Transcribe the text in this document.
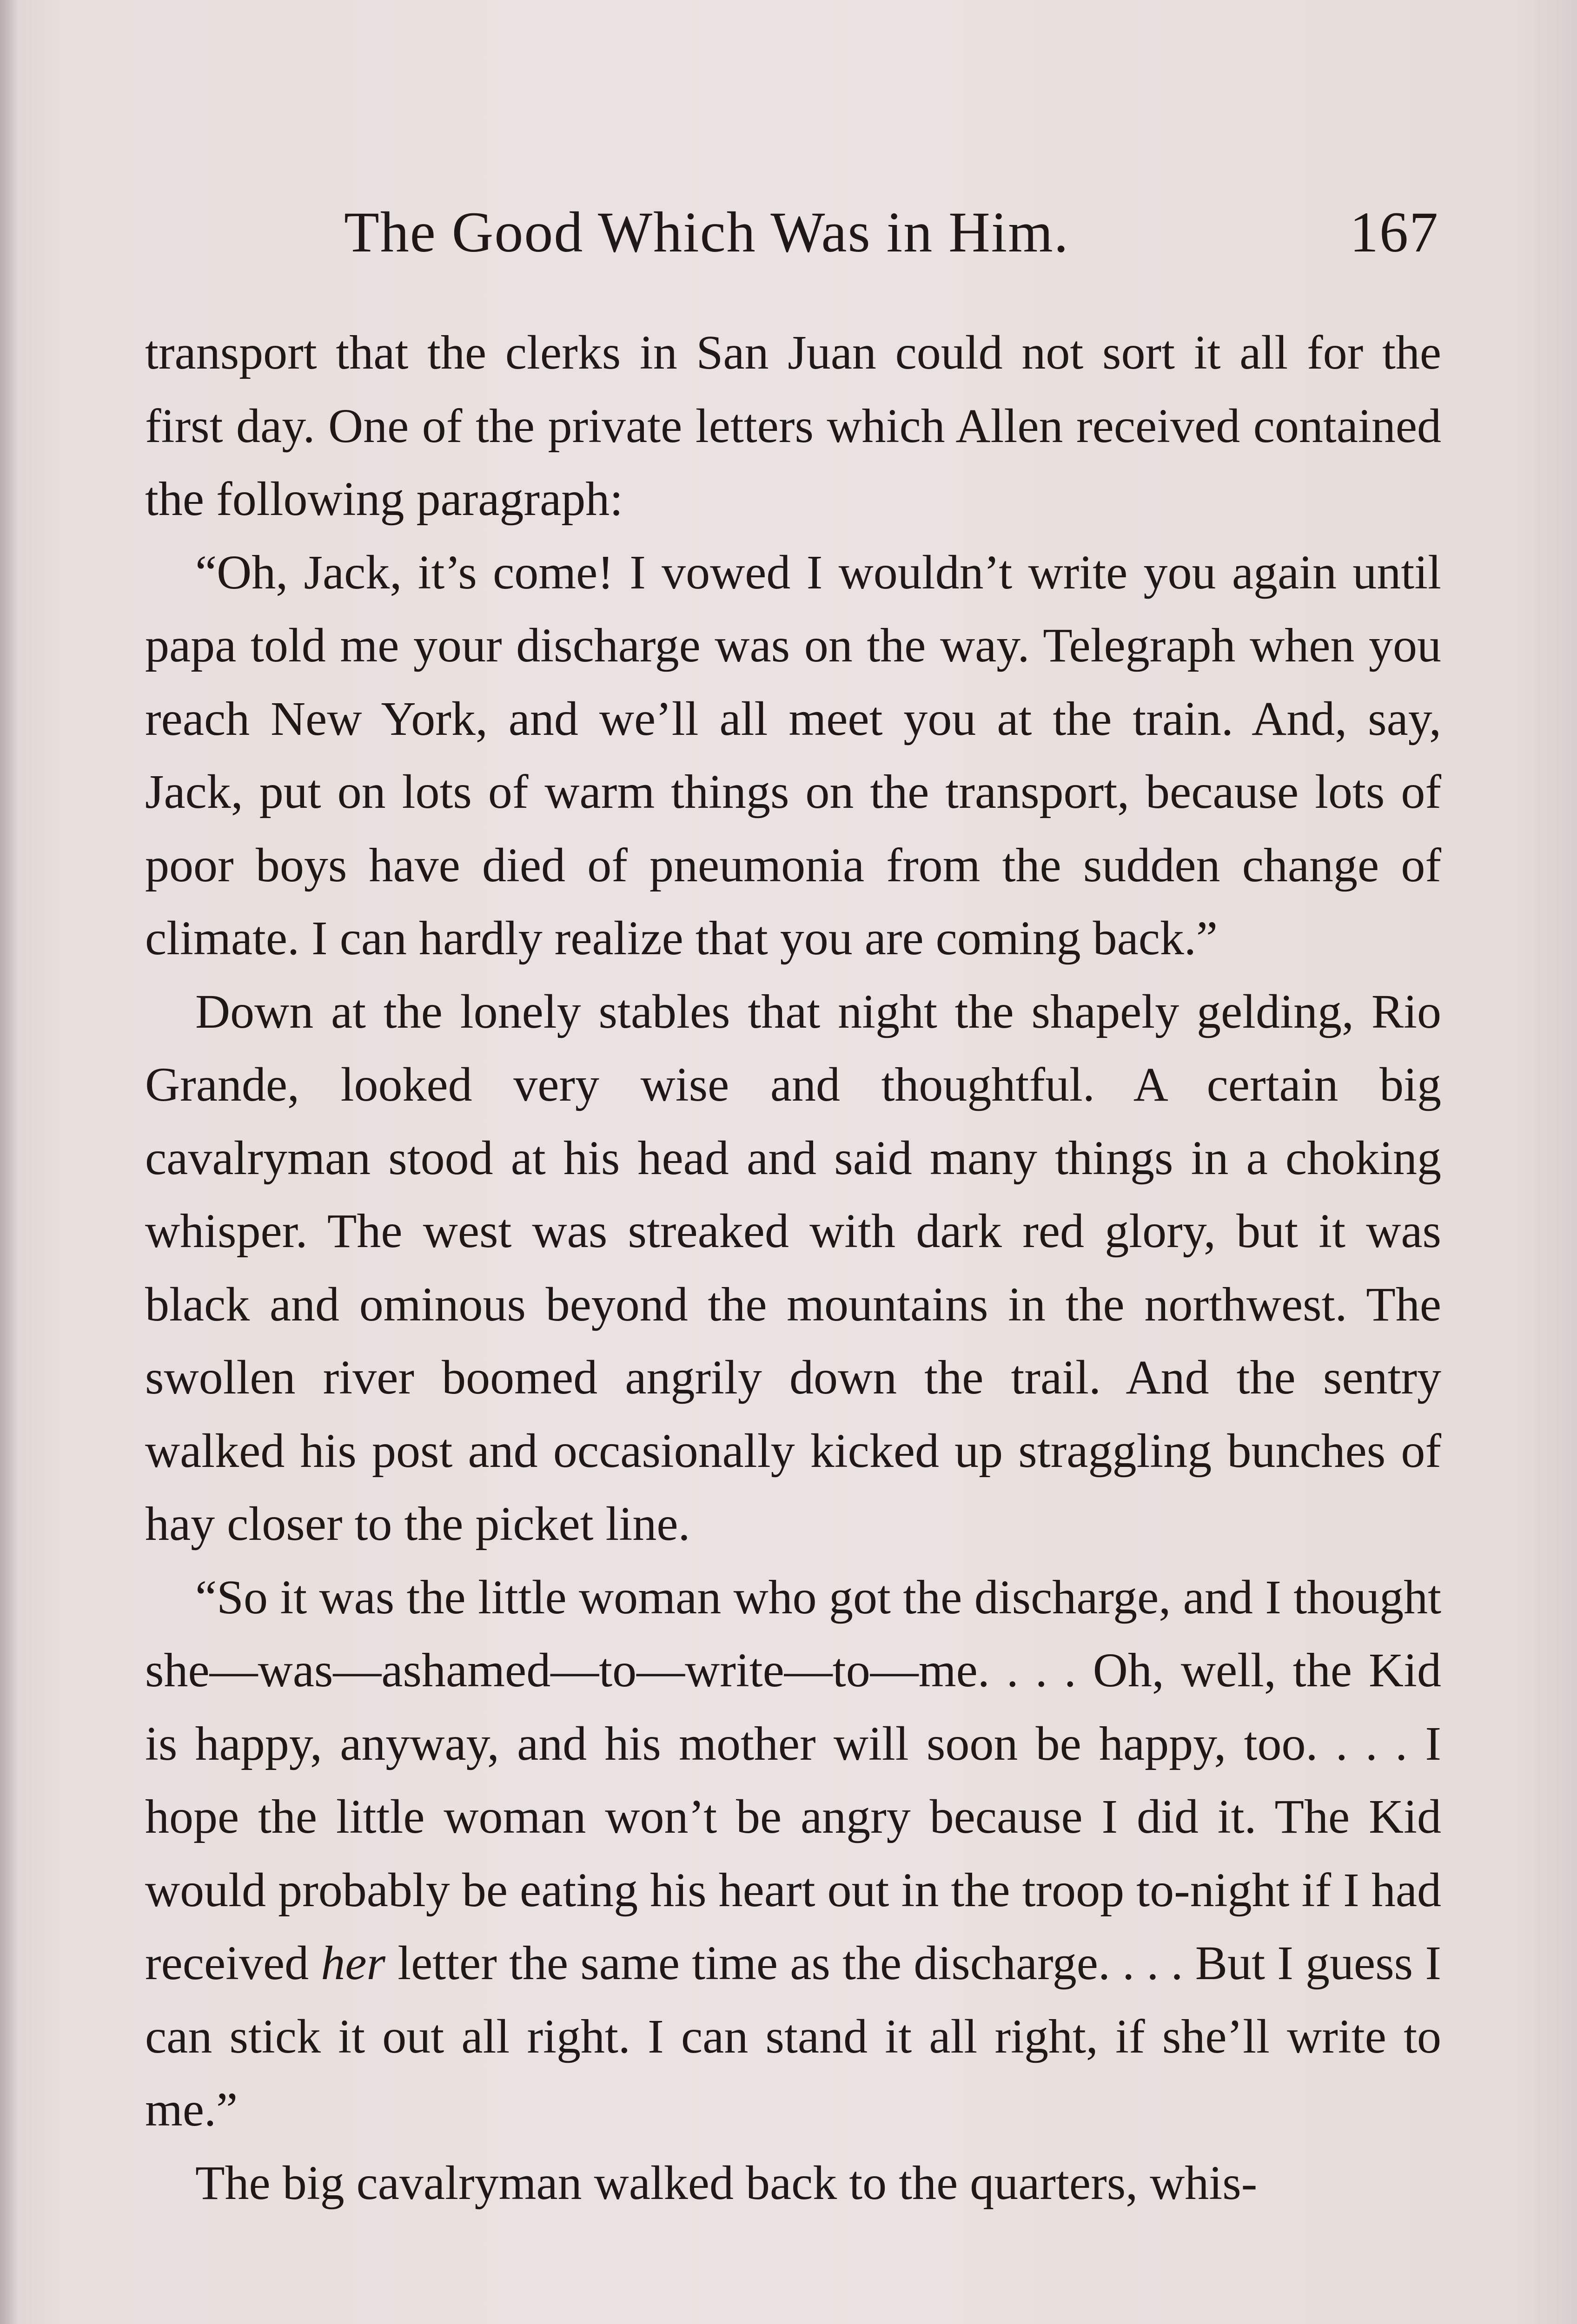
The Good Which Was in Him.	167

transport that the clerks in San Juan could not sort it all for the first day. One of the private letters which Allen received contained the following paragraph:

“Oh, Jack, it’s come! I vowed I wouldn’t write you again until papa told me your discharge was on the way. Telegraph when you reach New York, and we’ll all meet you at the train. And, say, Jack, put on lots of warm things on the transport, because lots of poor boys have died of pneumonia from the sudden change of climate. I can hardly realize that you are coming back.”

Down at the lonely stables that night the shapely gelding, Rio Grande, looked very wise and thoughtful. A certain big cavalryman stood at his head and said many things in a choking whisper. The west was streaked with dark red glory, but it was black and ominous beyond the mountains in the northwest. The swollen river boomed angrily down the trail. And the sentry walked his post and occasionally kicked up straggling bunches of hay closer to the picket line.

“So it was the little woman who got the discharge, and I thought she—was—ashamed—to—write—to—me. . . . Oh, well, the Kid is happy, anyway, and his mother will soon be happy, too. . . . I hope the little woman won’t be angry because I did it. The Kid would probably be eating his heart out in the troop to-night if I had received her letter the same time as the discharge. . . . But I guess I can stick it out all right. I can stand it all right, if she’ll write to me.”

The big cavalryman walked back to the quarters, whis-
